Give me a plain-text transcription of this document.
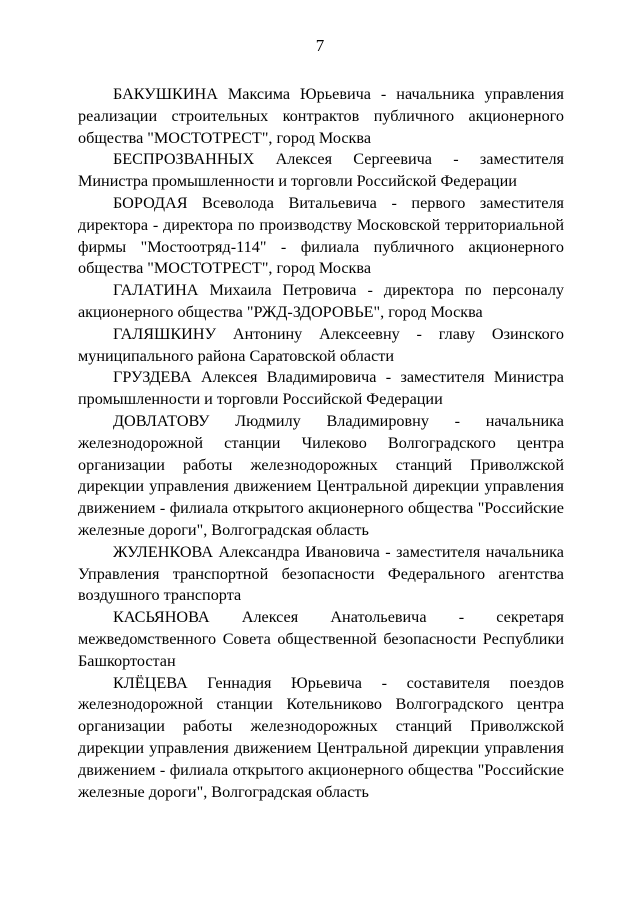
7

БАКУШКИНА Максима Юрьевича - начальника управления реализации строительных контрактов публичного акционерного общества "МОСТОТРЕСТ", город Москва

БЕСПРОЗВАННЫХ Алексея Сергеевича - заместителя Министра промышленности и торговли Российской Федерации

БОРОДАЯ Всеволода Витальевича - первого заместителя директора - директора по производству Московской территориальной фирмы "Мостоотряд-114" - филиала публичного акционерного общества "МОСТОТРЕСТ", город Москва

ГАЛАТИНА Михаила Петровича - директора по персоналу акционерного общества "РЖД-ЗДОРОВЬЕ", город Москва

ГАЛЯШКИНУ Антонину Алексеевну - главу Озинского муниципального района Саратовской области

ГРУЗДЕВА Алексея Владимировича - заместителя Министра промышленности и торговли Российской Федерации

ДОВЛАТОВУ Людмилу Владимировну - начальника железнодорожной станции Чилеково Волгоградского центра организации работы железнодорожных станций Приволжской дирекции управления движением Центральной дирекции управления движением - филиала открытого акционерного общества "Российские железные дороги", Волгоградская область

ЖУЛЕНКОВА Александра Ивановича - заместителя начальника Управления транспортной безопасности Федерального агентства воздушного транспорта

КАСЬЯНОВА Алексея Анатольевича - секретаря межведомственного Совета общественной безопасности Республики Башкортостан

КЛЁЦЕВА Геннадия Юрьевича - составителя поездов железнодорожной станции Котельниково Волгоградского центра организации работы железнодорожных станций Приволжской дирекции управления движением Центральной дирекции управления движением - филиала открытого акционерного общества "Российские железные дороги", Волгоградская область
